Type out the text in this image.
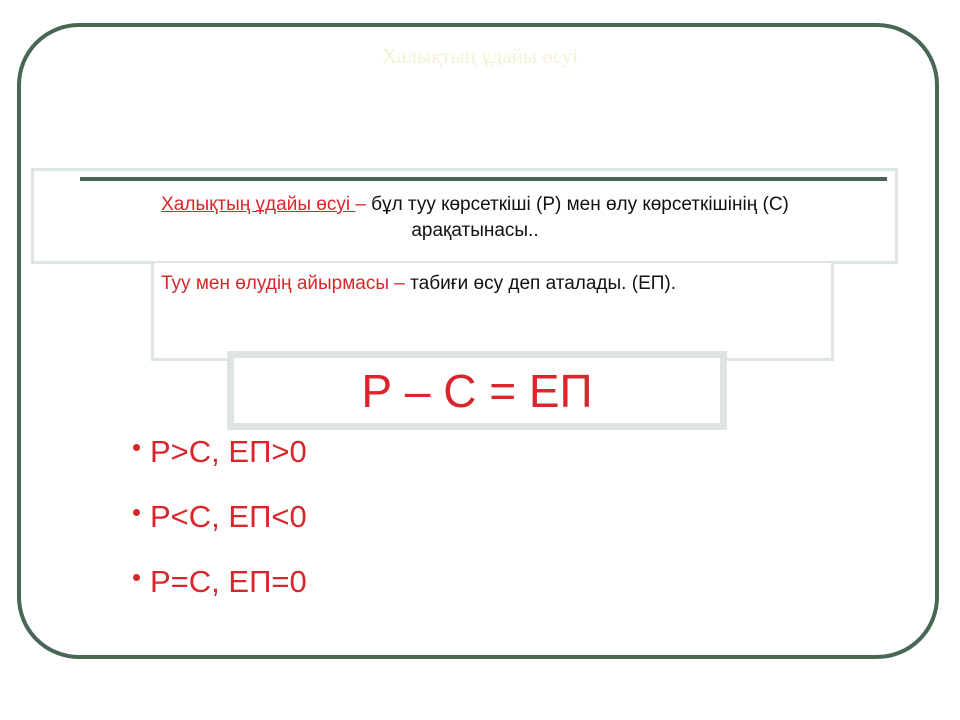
Халықтың ұдайы өсуі
Халықтың ұдайы өсуі – бұл туу көрсеткіші (Р) мен өлу көрсеткішінің (С)
арақатынасы..
Туу мен өлудің айырмасы – табиғи өсу деп аталады. (ЕП).
Р – С = ЕП
Р>С, ЕП>0
Р<С, ЕП<0
Р=С, ЕП=0
